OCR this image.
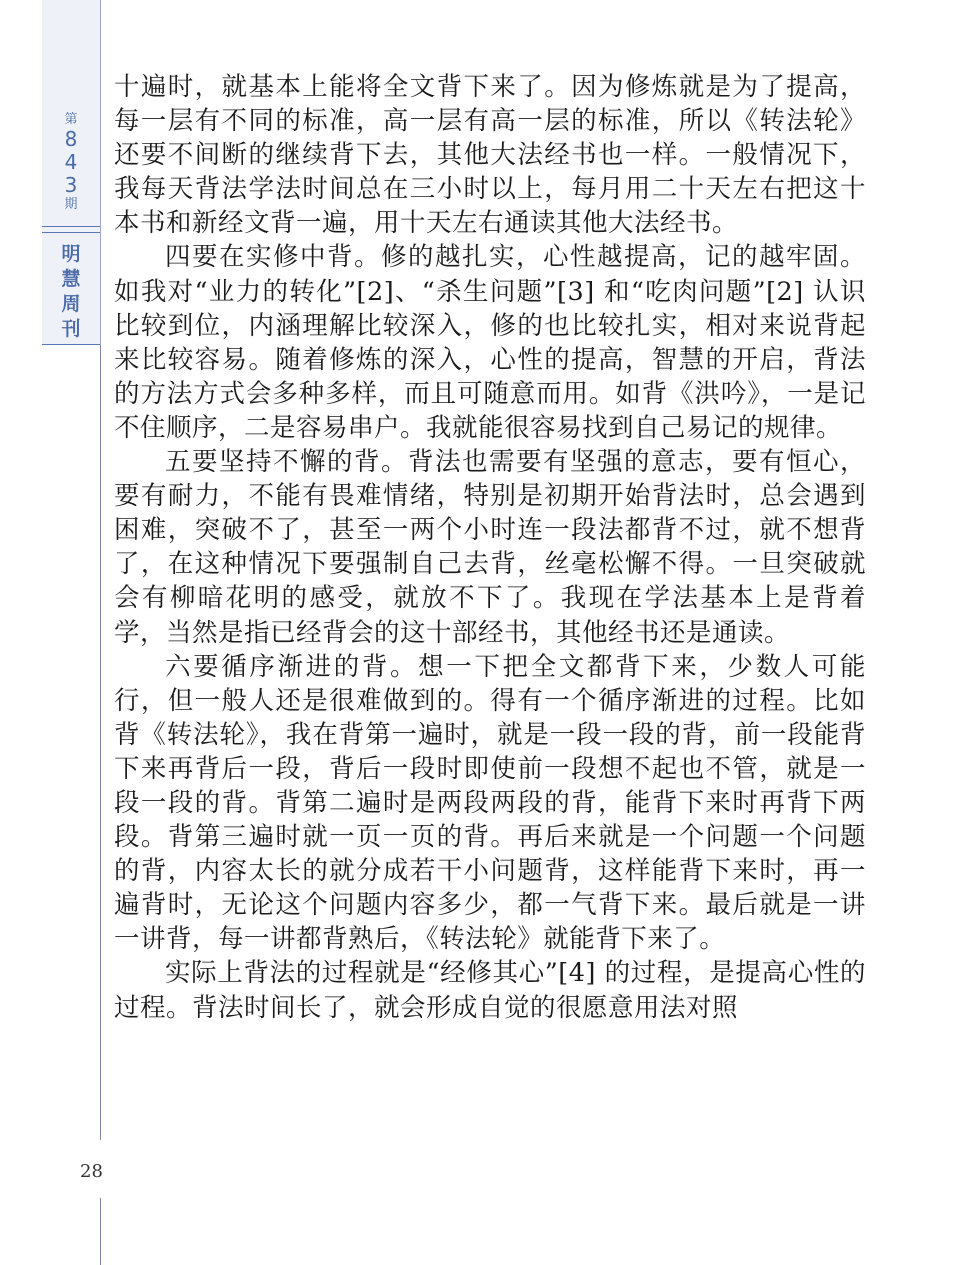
第
8
4
3
期
明
慧
周
刊
28

十遍时，就基本上能将全文背下来了。因为修炼就是为了提高，每一层有不同的标准，高一层有高一层的标准，所以《转法轮》还要不间断的继续背下去，其他大法经书也一样。一般情况下，我每天背法学法时间总在三小时以上，每月用二十天左右把这十本书和新经文背一遍，用十天左右通读其他大法经书。

四要在实修中背。修的越扎实，心性越提高，记的越牢固。如我对“业力的转化”[2]、“杀生问题”[3] 和“吃肉问题”[2] 认识比较到位，内涵理解比较深入，修的也比较扎实，相对来说背起来比较容易。随着修炼的深入，心性的提高，智慧的开启，背法的方法方式会多种多样，而且可随意而用。如背《洪吟》，一是记不住顺序，二是容易串户。我就能很容易找到自己易记的规律。

五要坚持不懈的背。背法也需要有坚强的意志，要有恒心，要有耐力，不能有畏难情绪，特别是初期开始背法时，总会遇到困难，突破不了，甚至一两个小时连一段法都背不过，就不想背了，在这种情况下要强制自己去背，丝毫松懈不得。一旦突破就会有柳暗花明的感受，就放不下了。我现在学法基本上是背着学，当然是指已经背会的这十部经书，其他经书还是通读。

六要循序渐进的背。想一下把全文都背下来，少数人可能行，但一般人还是很难做到的。得有一个循序渐进的过程。比如背《转法轮》，我在背第一遍时，就是一段一段的背，前一段能背下来再背后一段，背后一段时即使前一段想不起也不管，就是一段一段的背。背第二遍时是两段两段的背，能背下来时再背下两段。背第三遍时就一页一页的背。再后来就是一个问题一个问题的背，内容太长的就分成若干小问题背，这样能背下来时，再一遍背时，无论这个问题内容多少，都一气背下来。最后就是一讲一讲背，每一讲都背熟后，《转法轮》就能背下来了。

实际上背法的过程就是“经修其心”[4] 的过程，是提高心性的过程。背法时间长了，就会形成自觉的很愿意用法对照
